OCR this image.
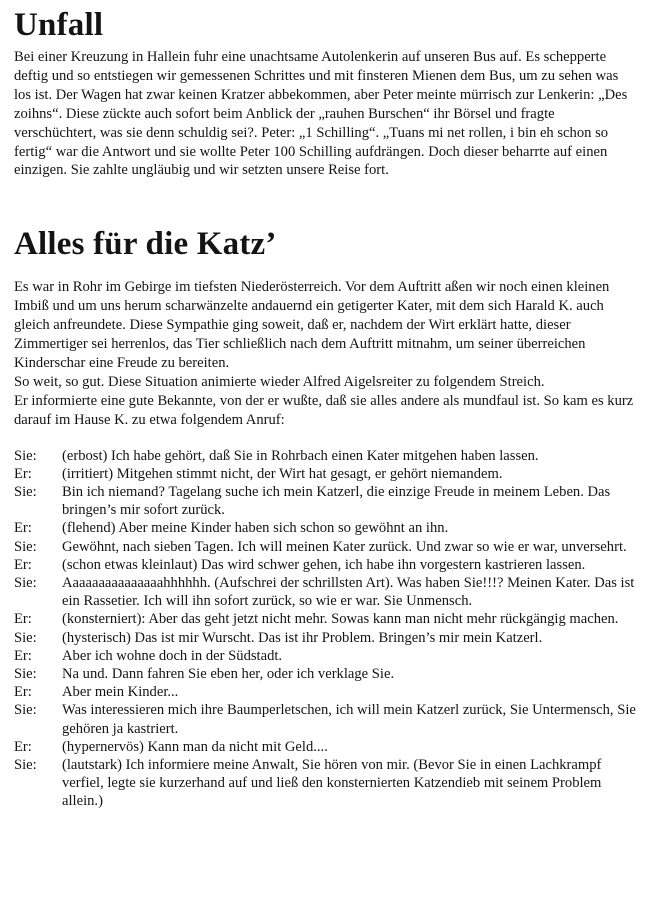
Unfall

Bei einer Kreuzung in Hallein fuhr eine unachtsame Autolenkerin auf unseren Bus auf. Es schepperte deftig und so entstiegen wir gemessenen Schrittes und mit finsteren Mienen dem Bus, um zu sehen was los ist. Der Wagen hat zwar keinen Kratzer abbekommen, aber Peter meinte mürrisch zur Lenkerin: „Des zoihns“. Diese zückte auch sofort beim Anblick der „rauhen Burschen“ ihr Börsel und fragte verschüchtert, was sie denn schuldig sei?. Peter: „1 Schilling“. „Tuans mi net rollen, i bin eh schon so fertig“ war die Antwort und sie wollte Peter 100 Schilling aufdrängen. Doch dieser beharrte auf einen einzigen. Sie zahlte ungläubig und wir setzten unsere Reise fort.

Alles für die Katz’

Es war in Rohr im Gebirge im tiefsten Niederösterreich. Vor dem Auftritt aßen wir noch einen kleinen Imbiß und um uns herum scharwänzelte andauernd ein getigerter Kater, mit dem sich Harald K. auch gleich anfreundete. Diese Sympathie ging soweit, daß er, nachdem der Wirt erklärt hatte, dieser Zimmertiger sei herrenlos, das Tier schließlich nach dem Auftritt mitnahm, um seiner überreichen Kinderschar eine Freude zu bereiten.

So weit, so gut. Diese Situation animierte wieder Alfred Aigelsreiter zu folgendem Streich.

Er informierte eine gute Bekannte, von der er wußte, daß sie alles andere als mundfaul ist. So kam es kurz darauf im Hause K. zu etwa folgendem Anruf:

Sie:	(erbost) Ich habe gehört, daß Sie in Rohrbach einen Kater mitgehen haben lassen.
Er:	(irritiert) Mitgehen stimmt nicht, der Wirt hat gesagt, er gehört niemandem.
Sie:	Bin ich niemand? Tagelang suche ich mein Katzerl, die einzige Freude in meinem Leben. Das bringen’s mir sofort zurück.
Er:	(flehend) Aber meine Kinder haben sich schon so gewöhnt an ihn.
Sie:	Gewöhnt, nach sieben Tagen. Ich will meinen Kater zurück. Und zwar so wie er war, unversehrt.
Er:	(schon etwas kleinlaut) Das wird schwer gehen, ich habe ihn vorgestern kastrieren lassen.
Sie:	Aaaaaaaaaaaaaaahhhhhh. (Aufschrei der schrillsten Art). Was haben Sie!!!? Meinen Kater. Das ist ein Rassetier. Ich will ihn sofort zurück, so wie er war. Sie Unmensch.
Er:	(konsterniert): Aber das geht jetzt nicht mehr. Sowas kann man nicht mehr rückgängig machen.
Sie:	(hysterisch) Das ist mir Wurscht. Das ist ihr Problem. Bringen’s mir mein Katzerl.
Er:	Aber ich wohne doch in der Südstadt.
Sie:	Na und. Dann fahren Sie eben her, oder ich verklage Sie.
Er:	Aber mein Kinder...
Sie:	Was interessieren mich ihre Baumperletschen, ich will mein Katzerl zurück, Sie Untermensch, Sie gehören ja kastriert.
Er:	(hypernervös) Kann man da nicht mit Geld....
Sie:	(lautstark) Ich informiere meine Anwalt, Sie hören von mir. (Bevor Sie in einen Lachkrampf verfiel, legte sie kurzerhand auf und ließ den konsternierten Katzendieb mit seinem Problem allein.)
